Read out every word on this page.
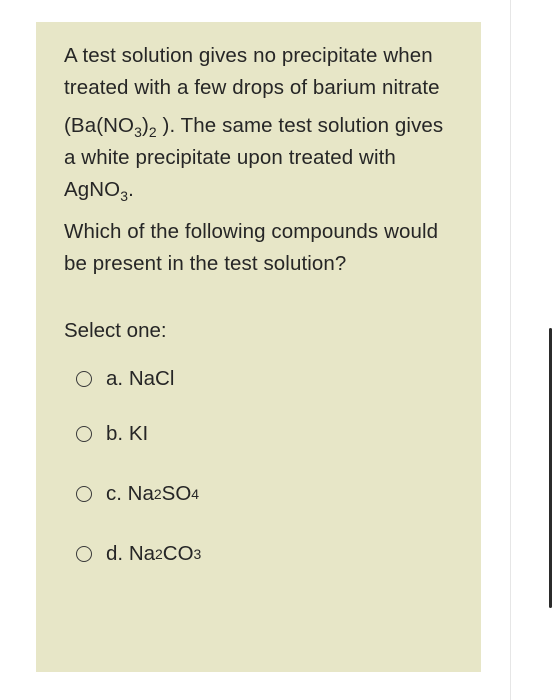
A test solution gives no precipitate when treated with a few drops of barium nitrate

($Ba(NO_3)_2$ ). The same test solution gives a white precipitate upon treated with AgNO$_3$.

Which of the following compounds would be present in the test solution?

Select one:
a.
NaCl
b.
KI
c.
Na 2 SO 4
d.
Na 2 CO 3
